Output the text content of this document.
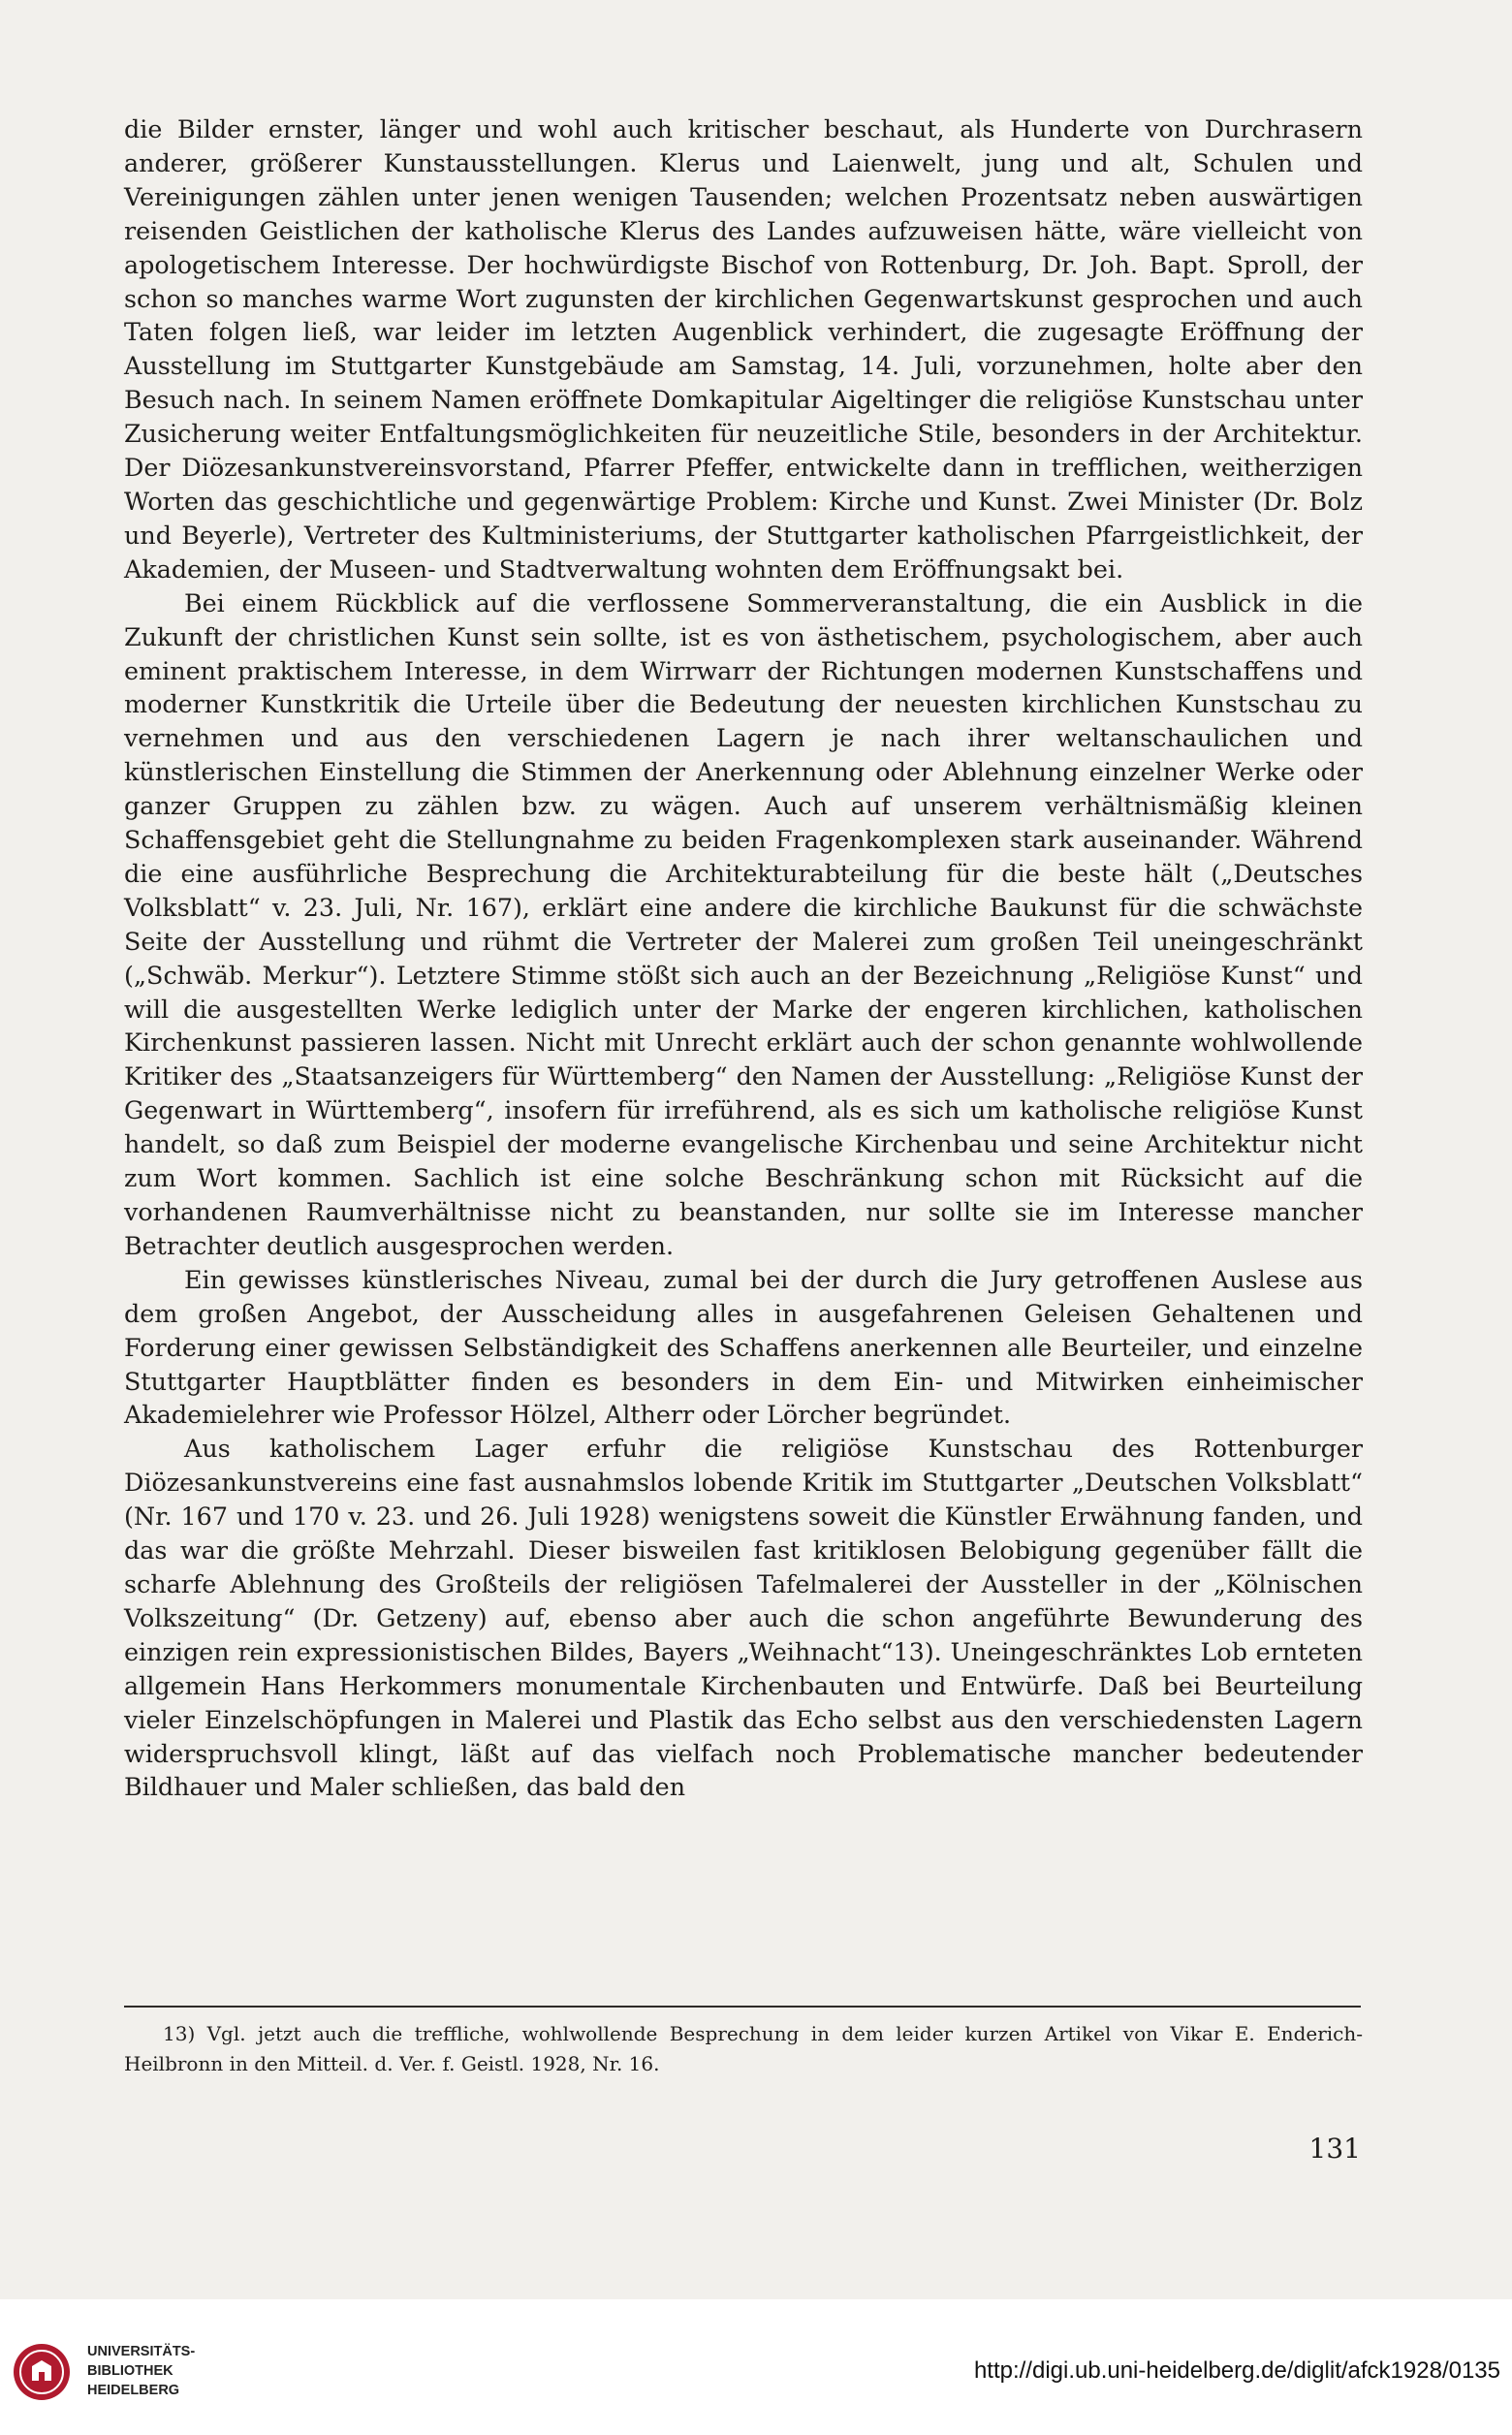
die Bilder ernster, länger und wohl auch kritischer beschaut, als Hunderte von Durchrasern anderer, größerer Kunstausstellungen. Klerus und Laienwelt, jung und alt, Schulen und Vereinigungen zählen unter jenen wenigen Tausenden; welchen Prozentsatz neben auswärtigen reisenden Geistlichen der katholische Klerus des Landes aufzuweisen hätte, wäre vielleicht von apologetischem Interesse. Der hochwürdigste Bischof von Rottenburg, Dr. Joh. Bapt. Sproll, der schon so manches warme Wort zugunsten der kirchlichen Gegenwartskunst gesprochen und auch Taten folgen ließ, war leider im letzten Augenblick verhindert, die zugesagte Eröffnung der Ausstellung im Stuttgarter Kunstgebäude am Samstag, 14. Juli, vorzunehmen, holte aber den Besuch nach. In seinem Namen eröffnete Domkapitular Aigeltinger die religiöse Kunstschau unter Zusicherung weiter Entfaltungsmöglichkeiten für neuzeitliche Stile, besonders in der Architektur. Der Diözesankunstvereinsvorstand, Pfarrer Pfeffer, entwickelte dann in trefflichen, weitherzigen Worten das geschichtliche und gegenwärtige Problem: Kirche und Kunst. Zwei Minister (Dr. Bolz und Beyerle), Vertreter des Kultministeriums, der Stuttgarter katholischen Pfarrgeistlichkeit, der Akademien, der Museen- und Stadtverwaltung wohnten dem Eröffnungsakt bei.

Bei einem Rückblick auf die verflossene Sommerveranstaltung, die ein Ausblick in die Zukunft der christlichen Kunst sein sollte, ist es von ästhetischem, psychologischem, aber auch eminent praktischem Interesse, in dem Wirrwarr der Richtungen modernen Kunstschaffens und moderner Kunstkritik die Urteile über die Bedeutung der neuesten kirchlichen Kunstschau zu vernehmen und aus den verschiedenen Lagern je nach ihrer weltanschaulichen und künstlerischen Einstellung die Stimmen der Anerkennung oder Ablehnung einzelner Werke oder ganzer Gruppen zu zählen bzw. zu wägen. Auch auf unserem verhältnismäßig kleinen Schaffensgebiet geht die Stellungnahme zu beiden Fragenkomplexen stark auseinander. Während die eine ausführliche Besprechung die Architekturabteilung für die beste hält („Deutsches Volksblatt“ v. 23. Juli, Nr. 167), erklärt eine andere die kirchliche Baukunst für die schwächste Seite der Ausstellung und rühmt die Vertreter der Malerei zum großen Teil uneingeschränkt („Schwäb. Merkur“). Letztere Stimme stößt sich auch an der Bezeichnung „Religiöse Kunst“ und will die ausgestellten Werke lediglich unter der Marke der engeren kirchlichen, katholischen Kirchenkunst passieren lassen. Nicht mit Unrecht erklärt auch der schon genannte wohlwollende Kritiker des „Staatsanzeigers für Württemberg“ den Namen der Ausstellung: „Religiöse Kunst der Gegenwart in Württemberg“, insofern für irreführend, als es sich um katholische religiöse Kunst handelt, so daß zum Beispiel der moderne evangelische Kirchenbau und seine Architektur nicht zum Wort kommen. Sachlich ist eine solche Beschränkung schon mit Rücksicht auf die vorhandenen Raumverhältnisse nicht zu beanstanden, nur sollte sie im Interesse mancher Betrachter deutlich ausgesprochen werden.

Ein gewisses künstlerisches Niveau, zumal bei der durch die Jury getroffenen Auslese aus dem großen Angebot, der Ausscheidung alles in ausgefahrenen Geleisen Gehaltenen und Forderung einer gewissen Selbständigkeit des Schaffens anerkennen alle Beurteiler, und einzelne Stuttgarter Hauptblätter finden es besonders in dem Ein- und Mitwirken einheimischer Akademielehrer wie Professor Hölzel, Altherr oder Lörcher begründet.

Aus katholischem Lager erfuhr die religiöse Kunstschau des Rottenburger Diözesankunstvereins eine fast ausnahmslos lobende Kritik im Stuttgarter „Deutschen Volksblatt“ (Nr. 167 und 170 v. 23. und 26. Juli 1928) wenigstens soweit die Künstler Erwähnung fanden, und das war die größte Mehrzahl. Dieser bisweilen fast kritiklosen Belobigung gegenüber fällt die scharfe Ablehnung des Großteils der religiösen Tafelmalerei der Aussteller in der „Kölnischen Volkszeitung“ (Dr. Getzeny) auf, ebenso aber auch die schon angeführte Bewunderung des einzigen rein expressionistischen Bildes, Bayers „Weihnacht“13). Uneingeschränktes Lob ernteten allgemein Hans Herkommers monumentale Kirchenbauten und Entwürfe. Daß bei Beurteilung vieler Einzelschöpfungen in Malerei und Plastik das Echo selbst aus den verschiedensten Lagern widerspruchsvoll klingt, läßt auf das vielfach noch Problematische mancher bedeutender Bildhauer und Maler schließen, das bald den

13) Vgl. jetzt auch die treffliche, wohlwollende Besprechung in dem leider kurzen Artikel von Vikar E. Enderich-Heilbronn in den Mitteil. d. Ver. f. Geistl. 1928, Nr. 16.

131
UNIVERSITÄTS-
BIBLIOTHEK
HEIDELBERG
http://digi.ub.uni-heidelberg.de/diglit/afck1928/0135
